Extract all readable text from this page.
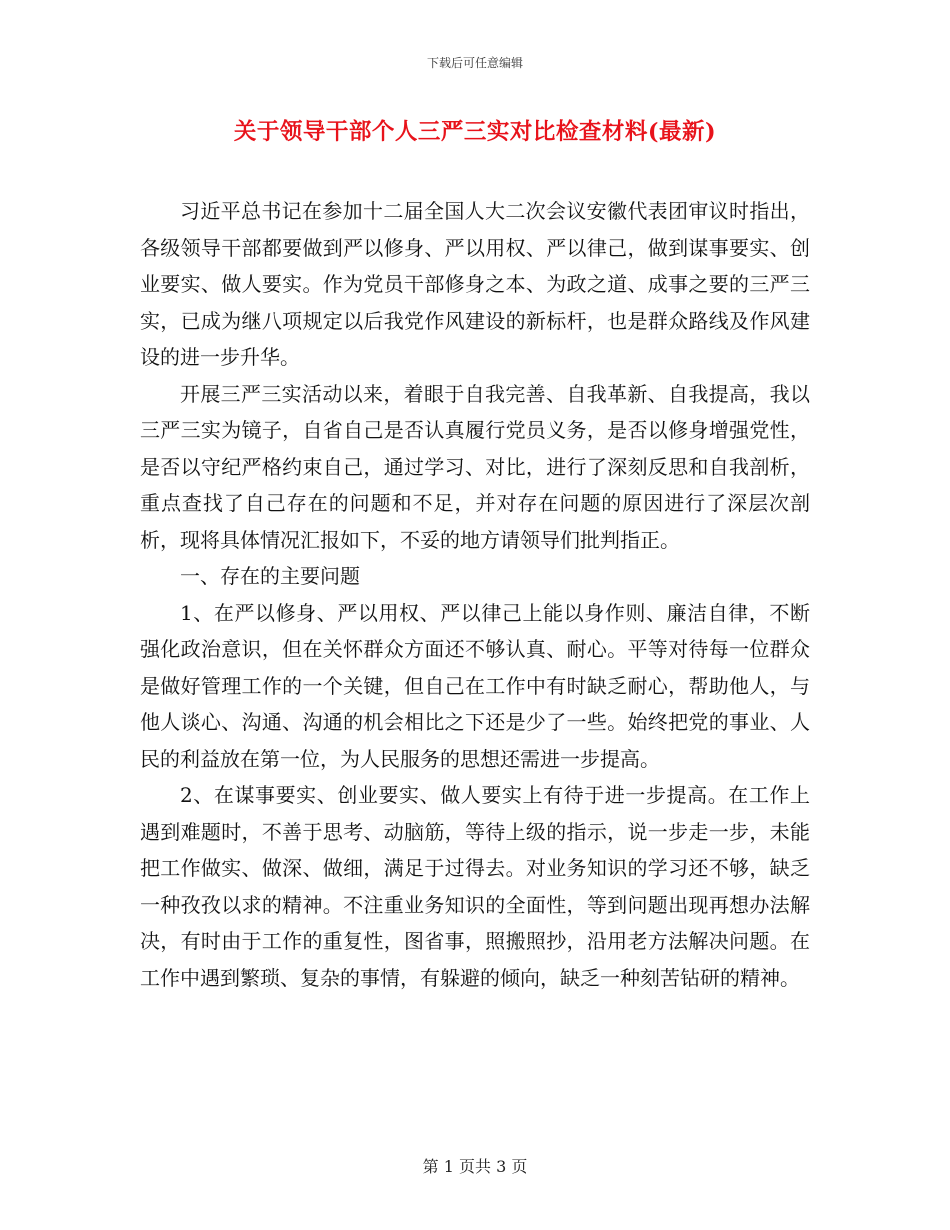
下载后可任意编辑
关于领导干部个人三严三实对比检查材料(最新)

习近平总书记在参加十二届全国人大二次会议安徽代表团审议时指出，各级领导干部都要做到严以修身、严以用权、严以律己，做到谋事要实、创业要实、做人要实。作为党员干部修身之本、为政之道、成事之要的三严三实，已成为继八项规定以后我党作风建设的新标杆，也是群众路线及作风建设的进一步升华。

开展三严三实活动以来，着眼于自我完善、自我革新、自我提高，我以三严三实为镜子，自省自己是否认真履行党员义务，是否以修身增强党性，是否以守纪严格约束自己，通过学习、对比，进行了深刻反思和自我剖析，重点查找了自己存在的问题和不足，并对存在问题的原因进行了深层次剖析，现将具体情况汇报如下，不妥的地方请领导们批判指正。

一、存在的主要问题

1、在严以修身、严以用权、严以律己上能以身作则、廉洁自律，不断强化政治意识，但在关怀群众方面还不够认真、耐心。平等对待每一位群众是做好管理工作的一个关键，但自己在工作中有时缺乏耐心，帮助他人，与他人谈心、沟通、沟通的机会相比之下还是少了一些。始终把党的事业、人民的利益放在第一位，为人民服务的思想还需进一步提高。

2、在谋事要实、创业要实、做人要实上有待于进一步提高。在工作上遇到难题时，不善于思考、动脑筋，等待上级的指示，说一步走一步，未能把工作做实、做深、做细，满足于过得去。对业务知识的学习还不够，缺乏一种孜孜以求的精神。不注重业务知识的全面性，等到问题出现再想办法解决，有时由于工作的重复性，图省事，照搬照抄，沿用老方法解决问题。在工作中遇到繁琐、复杂的事情，有躲避的倾向，缺乏一种刻苦钻研的精神。

第 1 页共 3 页
